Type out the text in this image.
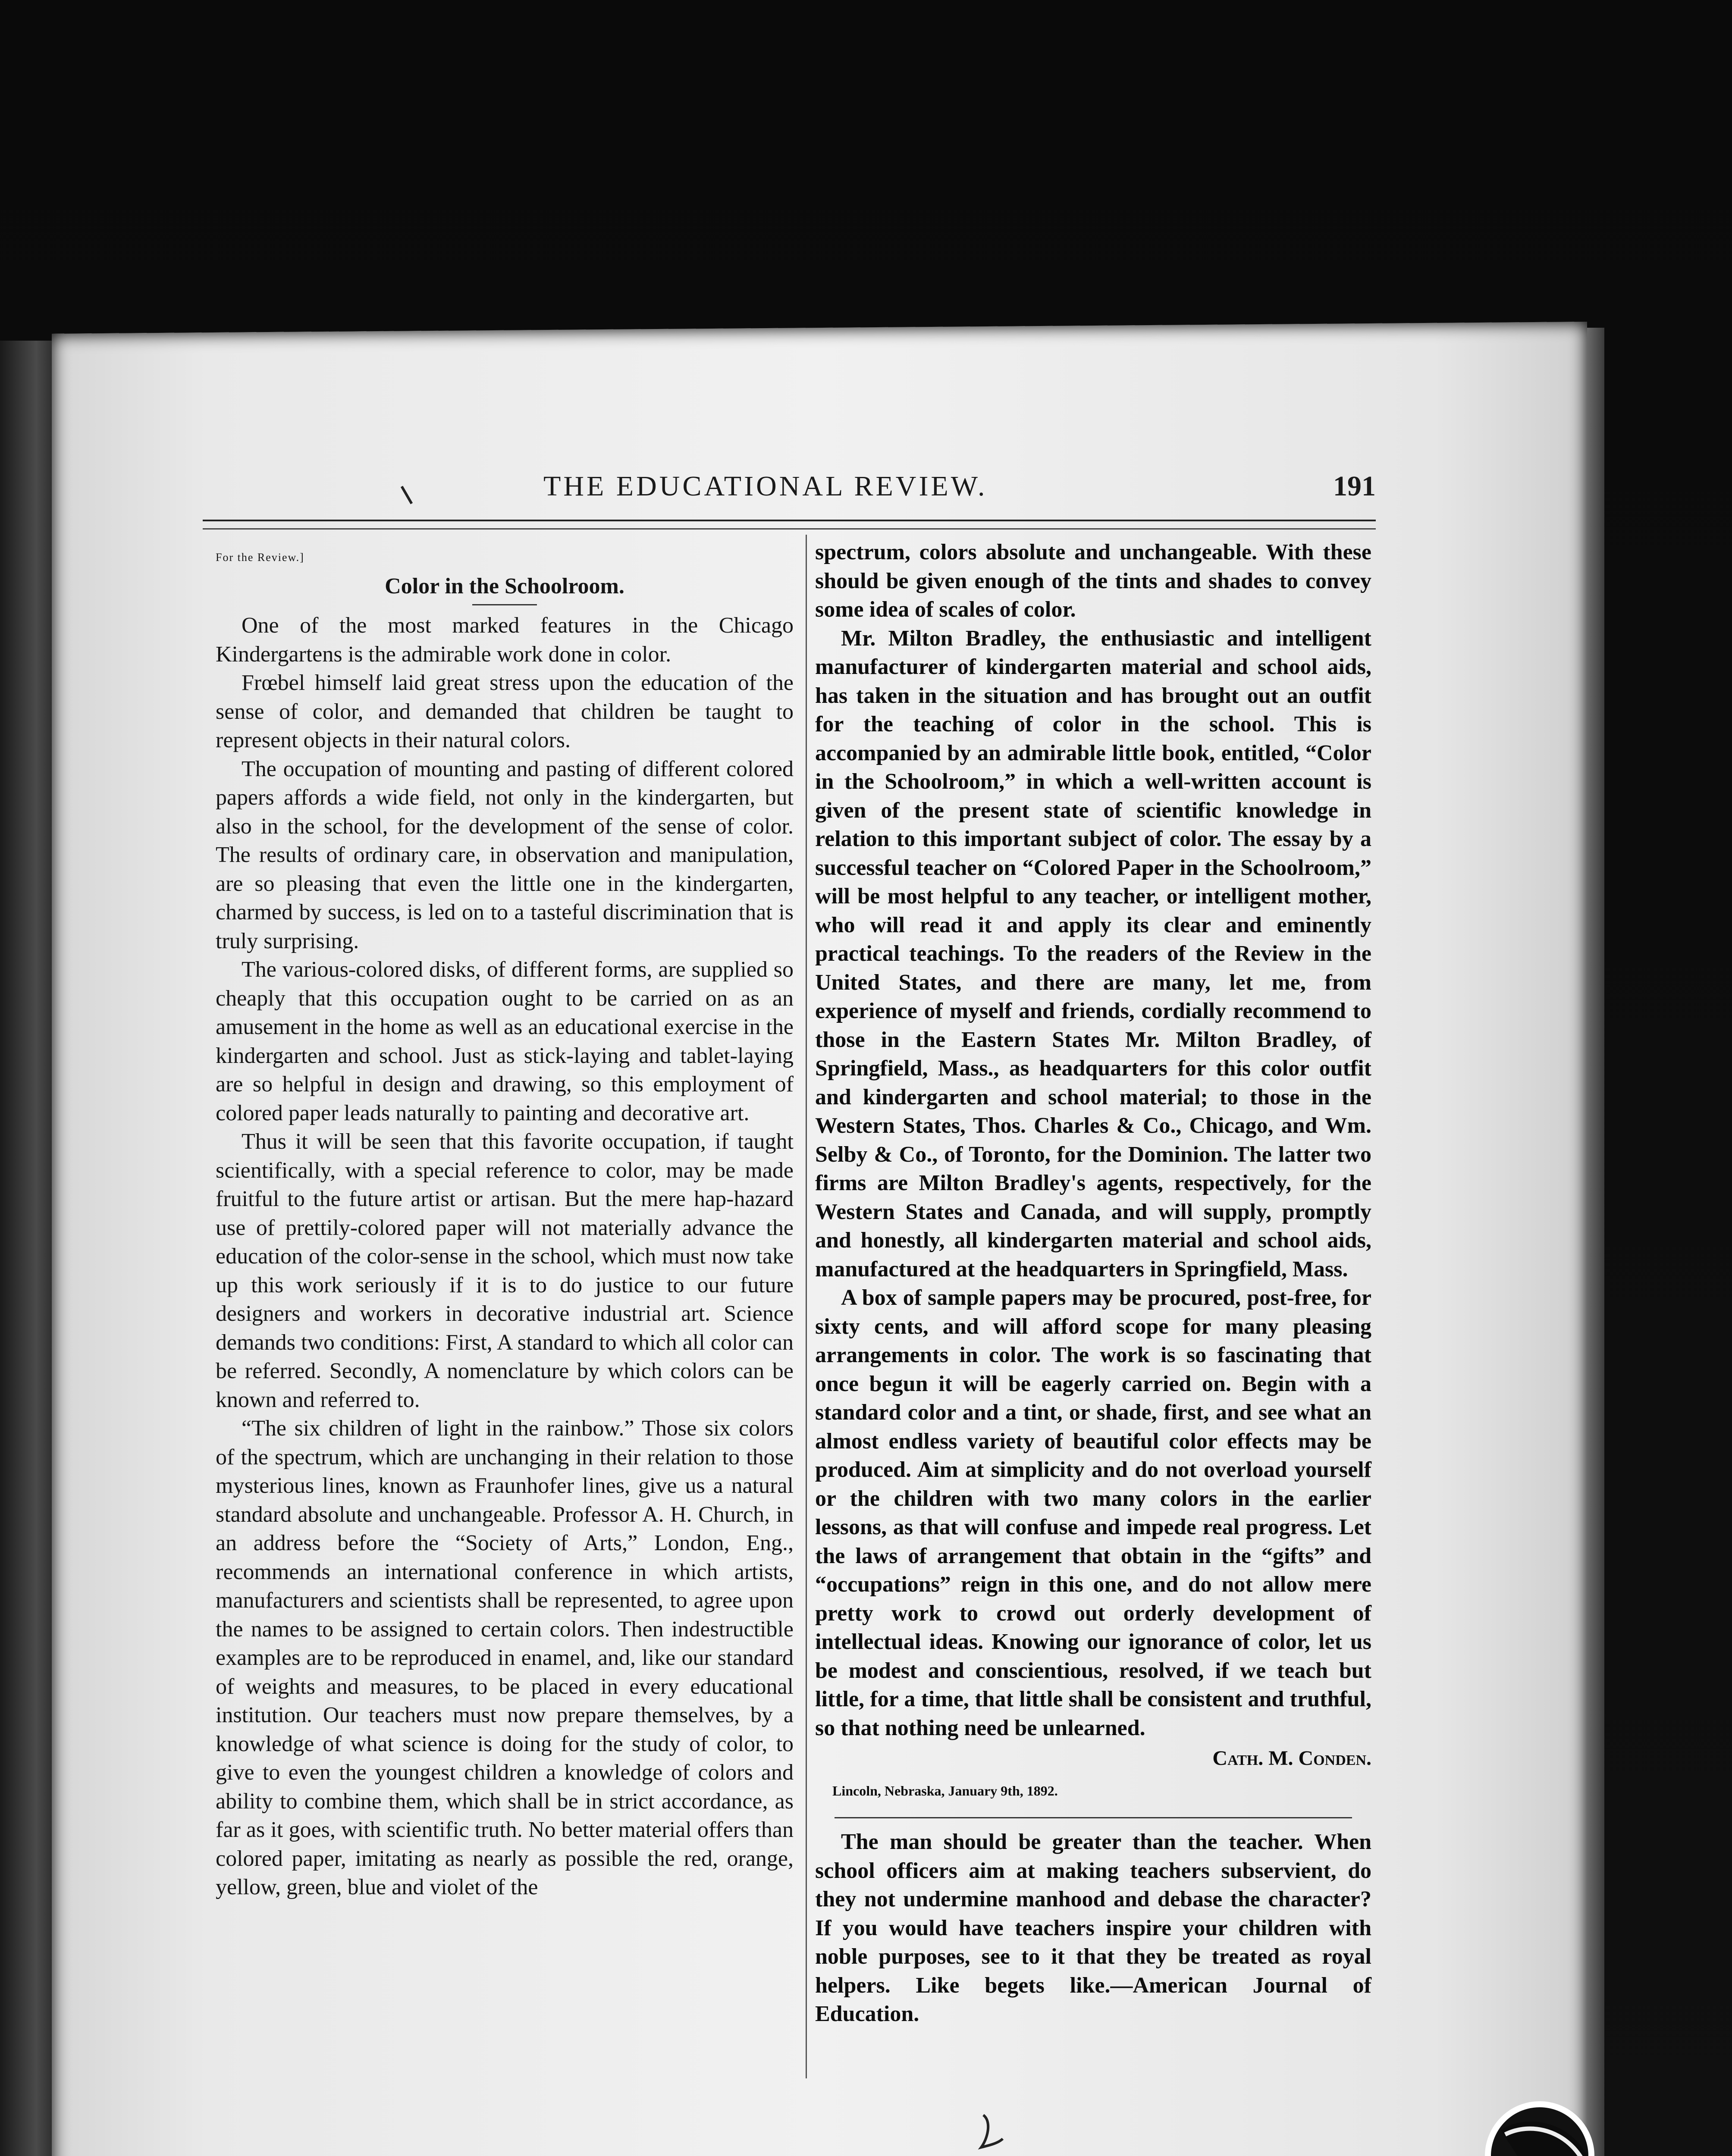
THE EDUCATIONAL REVIEW.	191
For the Review.]
Color in the Schoolroom.

One of the most marked features in the Chicago Kindergartens is the admirable work done in color.

Frœbel himself laid great stress upon the education of the sense of color, and demanded that children be taught to represent objects in their natural colors.

The occupation of mounting and pasting of different colored papers affords a wide field, not only in the kindergarten, but also in the school, for the development of the sense of color. The results of ordinary care, in observation and manipulation, are so pleasing that even the little one in the kindergarten, charmed by success, is led on to a tasteful discrimination that is truly surprising.

The various-colored disks, of different forms, are supplied so cheaply that this occupation ought to be carried on as an amusement in the home as well as an educational exercise in the kindergarten and school. Just as stick-laying and tablet-laying are so helpful in design and drawing, so this employment of colored paper leads naturally to painting and decorative art.

Thus it will be seen that this favorite occupation, if taught scientifically, with a special reference to color, may be made fruitful to the future artist or artisan. But the mere hap-hazard use of prettily-colored paper will not materially advance the education of the color-sense in the school, which must now take up this work seriously if it is to do justice to our future designers and workers in decorative industrial art. Science demands two conditions: First, A standard to which all color can be referred. Secondly, A nomenclature by which colors can be known and referred to.

“The six children of light in the rainbow.” Those six colors of the spectrum, which are unchanging in their relation to those mysterious lines, known as Fraunhofer lines, give us a natural standard absolute and unchangeable. Professor A. H. Church, in an address before the “Society of Arts,” London, Eng., recommends an international conference in which artists, manufacturers and scientists shall be represented, to agree upon the names to be assigned to certain colors. Then indestructible examples are to be reproduced in enamel, and, like our standard of weights and measures, to be placed in every educational institution. Our teachers must now prepare themselves, by a knowledge of what science is doing for the study of color, to give to even the youngest children a knowledge of colors and ability to combine them, which shall be in strict accordance, as far as it goes, with scientific truth. No better material offers than colored paper, imitating as nearly as possible the red, orange, yellow, green, blue and violet of the

spectrum, colors absolute and unchangeable. With these should be given enough of the tints and shades to convey some idea of scales of color.

Mr. Milton Bradley, the enthusiastic and intelligent manufacturer of kindergarten material and school aids, has taken in the situation and has brought out an outfit for the teaching of color in the school. This is accompanied by an admirable little book, entitled, “Color in the Schoolroom,” in which a well-written account is given of the present state of scientific knowledge in relation to this important subject of color. The essay by a successful teacher on “Colored Paper in the Schoolroom,” will be most helpful to any teacher, or intelligent mother, who will read it and apply its clear and eminently practical teachings. To the readers of the Review in the United States, and there are many, let me, from experience of myself and friends, cordially recommend to those in the Eastern States Mr. Milton Bradley, of Springfield, Mass., as headquarters for this color outfit and kindergarten and school material; to those in the Western States, Thos. Charles & Co., Chicago, and Wm. Selby & Co., of Toronto, for the Dominion. The latter two firms are Milton Bradley's agents, respectively, for the Western States and Canada, and will supply, promptly and honestly, all kindergarten material and school aids, manufactured at the headquarters in Springfield, Mass.

A box of sample papers may be procured, post-free, for sixty cents, and will afford scope for many pleasing arrangements in color. The work is so fascinating that once begun it will be eagerly carried on. Begin with a standard color and a tint, or shade, first, and see what an almost endless variety of beautiful color effects may be produced. Aim at simplicity and do not overload yourself or the children with two many colors in the earlier lessons, as that will confuse and impede real progress. Let the laws of arrangement that obtain in the “gifts” and “occupations” reign in this one, and do not allow mere pretty work to crowd out orderly development of intellectual ideas. Knowing our ignorance of color, let us be modest and conscientious, resolved, if we teach but little, for a time, that little shall be consistent and truthful, so that nothing need be unlearned.

Cath. M. Conden.

Lincoln, Nebraska, January 9th, 1892.

The man should be greater than the teacher. When school officers aim at making teachers subservient, do they not undermine manhood and debase the character? If you would have teachers inspire your children with noble purposes, see to it that they be treated as royal helpers. Like begets like.—American Journal of Education.
